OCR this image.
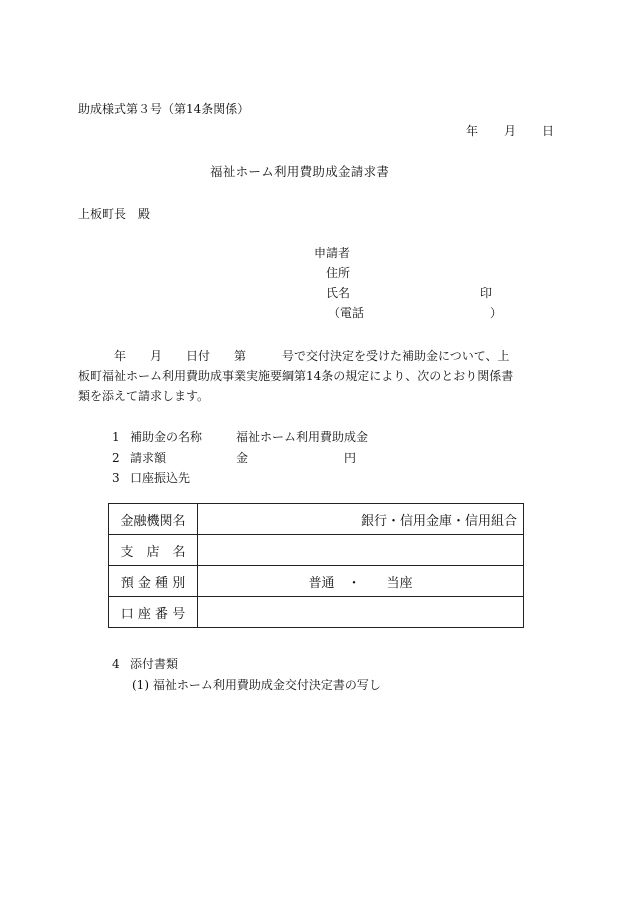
助成様式第３号（第14条関係）
年 月 日
福祉ホーム利用費助成金請求書
上板町長　殿
申請者
住所
氏名	印
（電話	）
年　　月　　日付　　第　　　号で交付決定を受けた補助金について、上
板町福祉ホーム利用費助成事業実施要綱第14条の規定により、次のとおり関係書
類を添えて請求します。
1 補助金の名称	福祉ホーム利用費助成金
2 請求額	金　　　　　　　　円
3 口座振込先
金融機関名	銀行・信用金庫・信用組合
支　店　名	
預 金 種 別	普通　・　　当座
口 座 番 号	
4 添付書類
(1) 福祉ホーム利用費助成金交付決定書の写し
